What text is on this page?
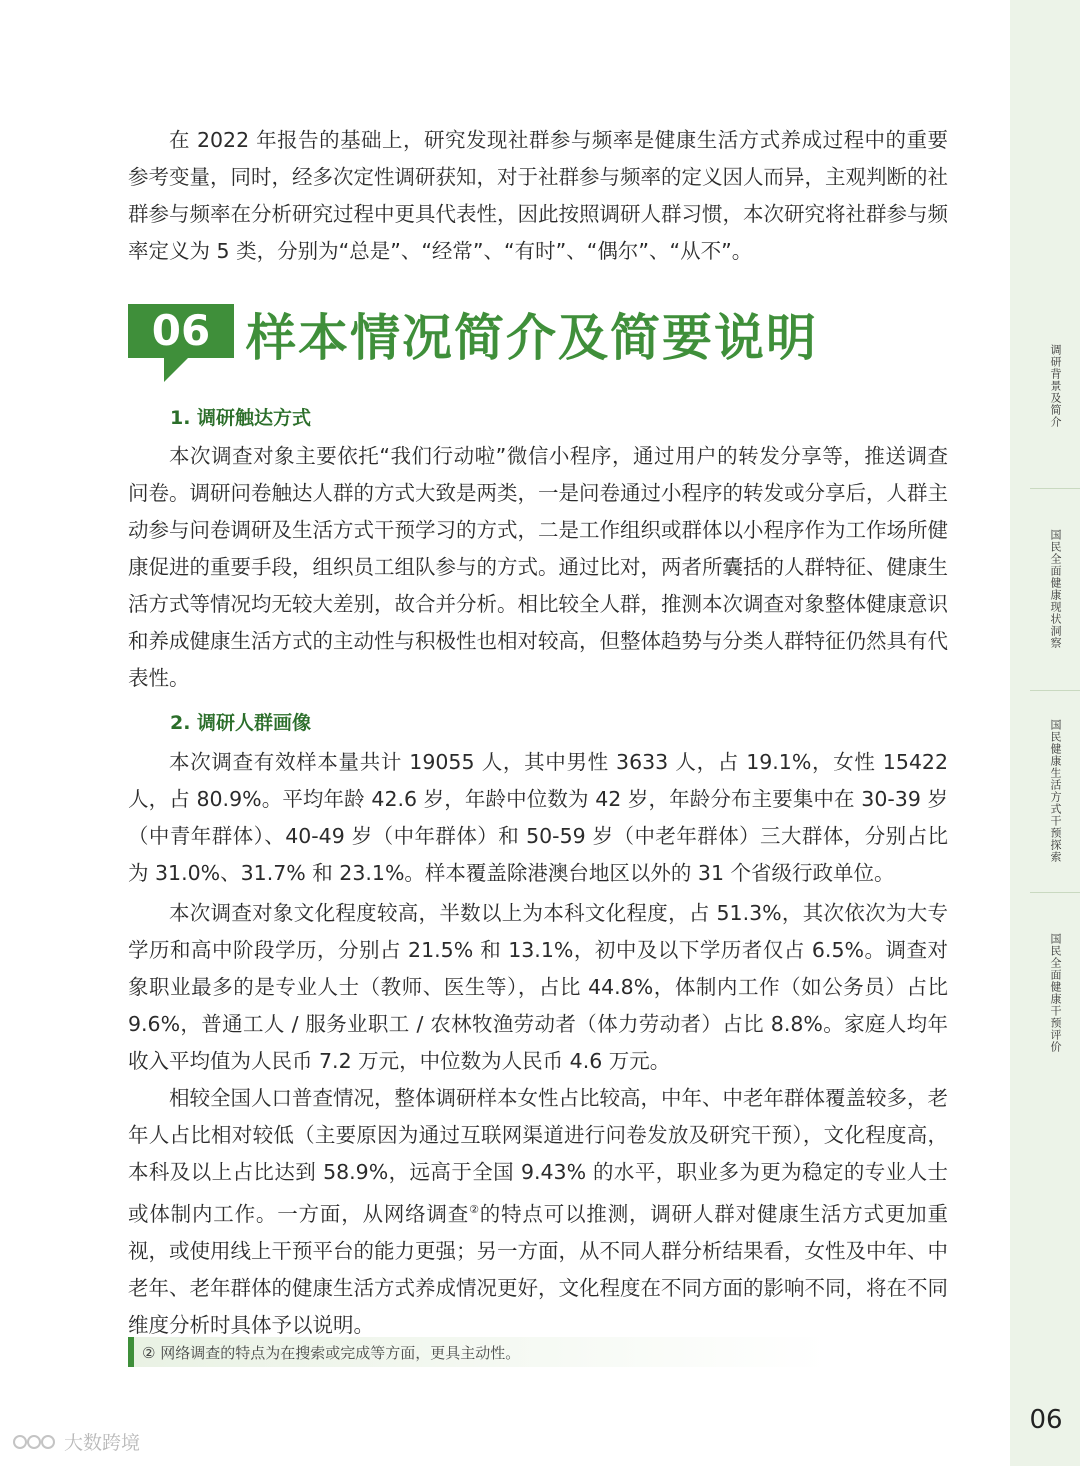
调研背景及简介
国民全面健康现状洞察
国民健康生活方式干预探索
国民全面健康干预评价

在 2022 年报告的基础上，研究发现社群参与频率是健康生活方式养成过程中的重要参考变量，同时，经多次定性调研获知，对于社群参与频率的定义因人而异，主观判断的社群参与频率在分析研究过程中更具代表性，因此按照调研人群习惯，本次研究将社群参与频率定义为 5 类，分别为“总是”、“经常”、“有时”、“偶尔”、“从不”。

06 样本情况简介及简要说明
1. 调研触达方式

本次调查对象主要依托“我们行动啦”微信小程序，通过用户的转发分享等，推送调查问卷。调研问卷触达人群的方式大致是两类，一是问卷通过小程序的转发或分享后，人群主动参与问卷调研及生活方式干预学习的方式，二是工作组织或群体以小程序作为工作场所健康促进的重要手段，组织员工组队参与的方式。通过比对，两者所囊括的人群特征、健康生活方式等情况均无较大差别，故合并分析。相比较全人群，推测本次调查对象整体健康意识和养成健康生活方式的主动性与积极性也相对较高，但整体趋势与分类人群特征仍然具有代表性。

2. 调研人群画像

本次调查有效样本量共计 19055 人，其中男性 3633 人，占 19.1%，女性 15422 人，占 80.9%。平均年龄 42.6 岁，年龄中位数为 42 岁，年龄分布主要集中在 30-39 岁（中青年群体）、40-49 岁（中年群体）和 50-59 岁（中老年群体）三大群体，分别占比为 31.0%、31.7% 和 23.1%。样本覆盖除港澳台地区以外的 31 个省级行政单位。

本次调查对象文化程度较高，半数以上为本科文化程度，占 51.3%，其次依次为大专学历和高中阶段学历，分别占 21.5% 和 13.1%，初中及以下学历者仅占 6.5%。调查对象职业最多的是专业人士（教师、医生等），占比 44.8%，体制内工作（如公务员）占比 9.6%，普通工人 / 服务业职工 / 农林牧渔劳动者（体力劳动者）占比 8.8%。家庭人均年收入平均值为人民币 7.2 万元，中位数为人民币 4.6 万元。

相较全国人口普查情况，整体调研样本女性占比较高，中年、中老年群体覆盖较多，老年人占比相对较低（主要原因为通过互联网渠道进行问卷发放及研究干预），文化程度高，本科及以上占比达到 58.9%，远高于全国 9.43% 的水平，职业多为更为稳定的专业人士或体制内工作。一方面，从网络调查②的特点可以推测，调研人群对健康生活方式更加重视，或使用线上干预平台的能力更强；另一方面，从不同人群分析结果看，女性及中年、中老年、老年群体的健康生活方式养成情况更好，文化程度在不同方面的影响不同，将在不同维度分析时具体予以说明。

② 网络调查的特点为在搜索或完成等方面，更具主动性。
06
大数跨境
